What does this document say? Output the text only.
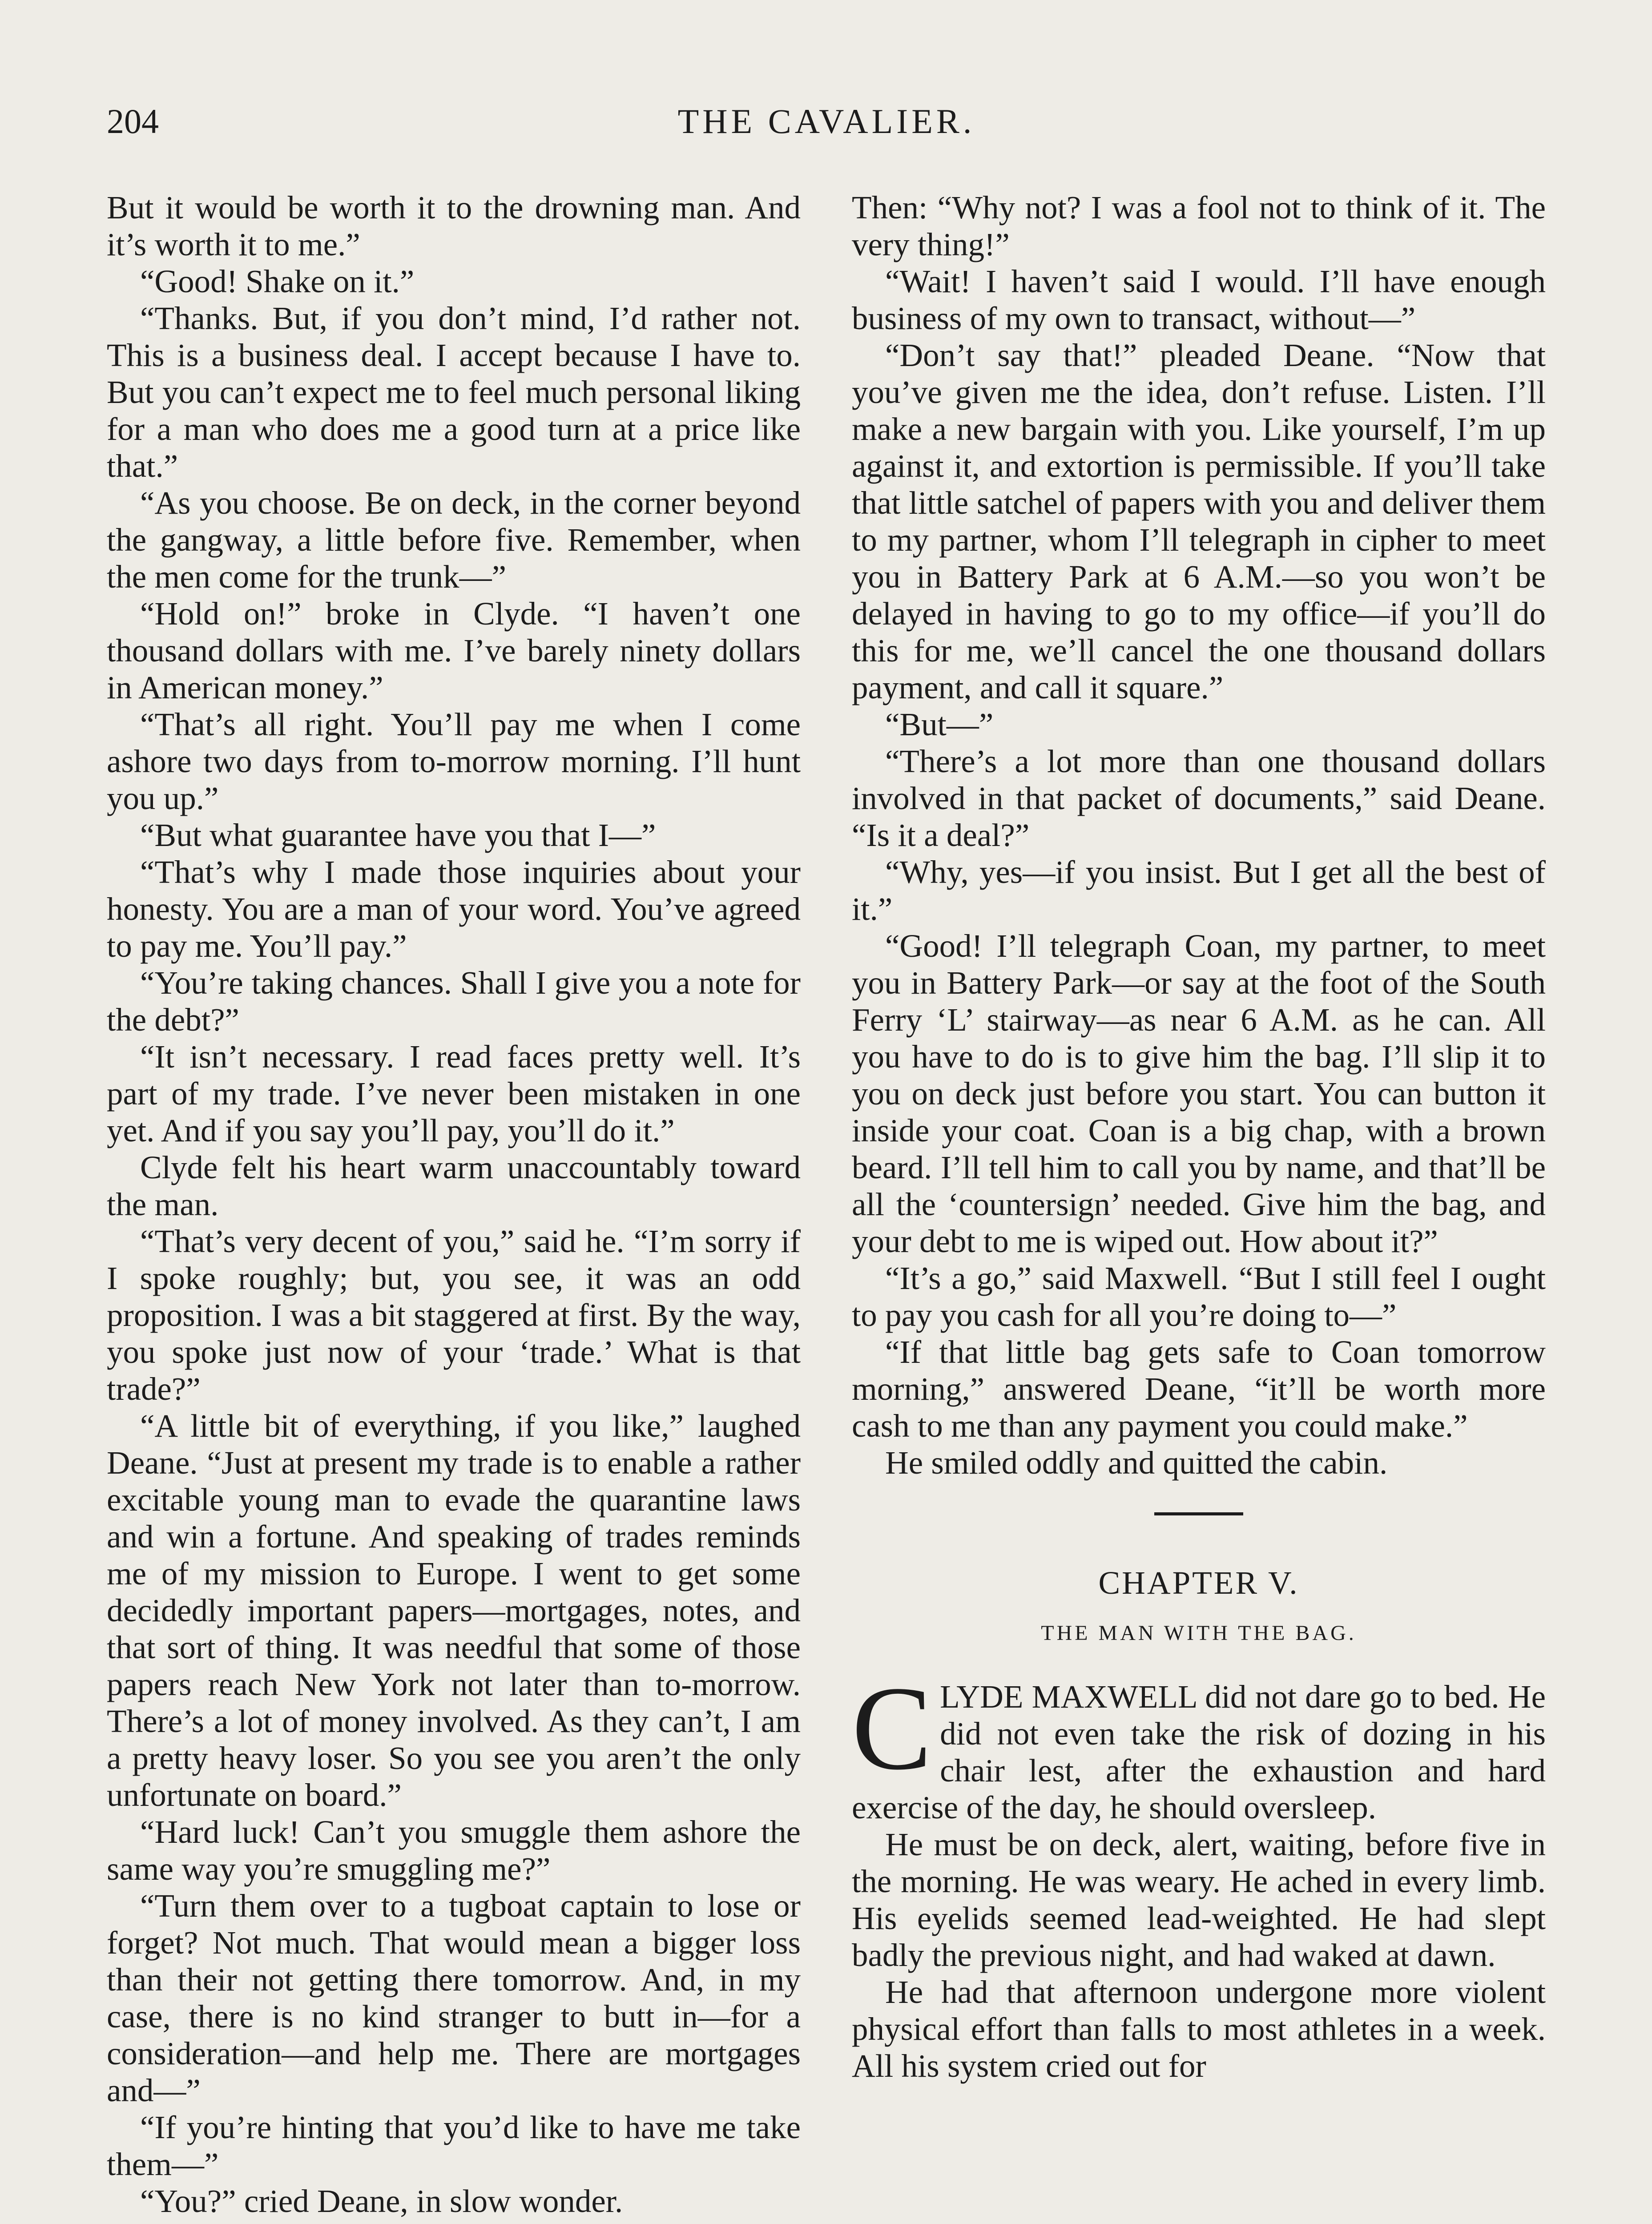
204	THE CAVALIER.

But it would be worth it to the drowning man. And it’s worth it to me.”

“Good! Shake on it.”

“Thanks. But, if you don’t mind, I’d rather not. This is a business deal. I accept because I have to. But you can’t expect me to feel much personal liking for a man who does me a good turn at a price like that.”

“As you choose. Be on deck, in the corner beyond the gangway, a little before five. Remember, when the men come for the trunk—”

“Hold on!” broke in Clyde. “I haven’t one thousand dollars with me. I’ve barely ninety dollars in American money.”

“That’s all right. You’ll pay me when I come ashore two days from to-morrow morning. I’ll hunt you up.”

“But what guarantee have you that I—”

“That’s why I made those inquiries about your honesty. You are a man of your word. You’ve agreed to pay me. You’ll pay.”

“You’re taking chances. Shall I give you a note for the debt?”

“It isn’t necessary. I read faces pretty well. It’s part of my trade. I’ve never been mistaken in one yet. And if you say you’ll pay, you’ll do it.”

Clyde felt his heart warm unaccountably toward the man.

“That’s very decent of you,” said he. “I’m sorry if I spoke roughly; but, you see, it was an odd proposition. I was a bit staggered at first. By the way, you spoke just now of your ‘trade.’ What is that trade?”

“A little bit of everything, if you like,” laughed Deane. “Just at present my trade is to enable a rather excitable young man to evade the quarantine laws and win a fortune. And speaking of trades reminds me of my mission to Europe. I went to get some decidedly important papers—mortgages, notes, and that sort of thing. It was needful that some of those papers reach New York not later than to-morrow. There’s a lot of money involved. As they can’t, I am a pretty heavy loser. So you see you aren’t the only unfortunate on board.”

“Hard luck! Can’t you smuggle them ashore the same way you’re smuggling me?”

“Turn them over to a tugboat captain to lose or forget? Not much. That would mean a bigger loss than their not getting there tomorrow. And, in my case, there is no kind stranger to butt in—for a consideration—and help me. There are mortgages and—”

“If you’re hinting that you’d like to have me take them—”

“You?” cried Deane, in slow wonder.

Then: “Why not? I was a fool not to think of it. The very thing!”

“Wait! I haven’t said I would. I’ll have enough business of my own to transact, without—”

“Don’t say that!” pleaded Deane. “Now that you’ve given me the idea, don’t refuse. Listen. I’ll make a new bargain with you. Like yourself, I’m up against it, and extortion is permissible. If you’ll take that little satchel of papers with you and deliver them to my partner, whom I’ll telegraph in cipher to meet you in Battery Park at 6 A.M.—so you won’t be delayed in having to go to my office—if you’ll do this for me, we’ll cancel the one thousand dollars payment, and call it square.”

“But—”

“There’s a lot more than one thousand dollars involved in that packet of documents,” said Deane. “Is it a deal?”

“Why, yes—if you insist. But I get all the best of it.”

“Good! I’ll telegraph Coan, my partner, to meet you in Battery Park—or say at the foot of the South Ferry ‘L’ stairway—as near 6 A.M. as he can. All you have to do is to give him the bag. I’ll slip it to you on deck just before you start. You can button it inside your coat. Coan is a big chap, with a brown beard. I’ll tell him to call you by name, and that’ll be all the ‘countersign’ needed. Give him the bag, and your debt to me is wiped out. How about it?”

“It’s a go,” said Maxwell. “But I still feel I ought to pay you cash for all you’re doing to—”

“If that little bag gets safe to Coan tomorrow morning,” answered Deane, “it’ll be worth more cash to me than any payment you could make.”

He smiled oddly and quitted the cabin.

CHAPTER V.
THE MAN WITH THE BAG.

CLYDE MAXWELL did not dare go to bed. He did not even take the risk of dozing in his chair lest, after the exhaustion and hard exercise of the day, he should oversleep.

He must be on deck, alert, waiting, before five in the morning. He was weary. He ached in every limb. His eyelids seemed lead-weighted. He had slept badly the previous night, and had waked at dawn.

He had that afternoon undergone more violent physical effort than falls to most athletes in a week. All his system cried out for
